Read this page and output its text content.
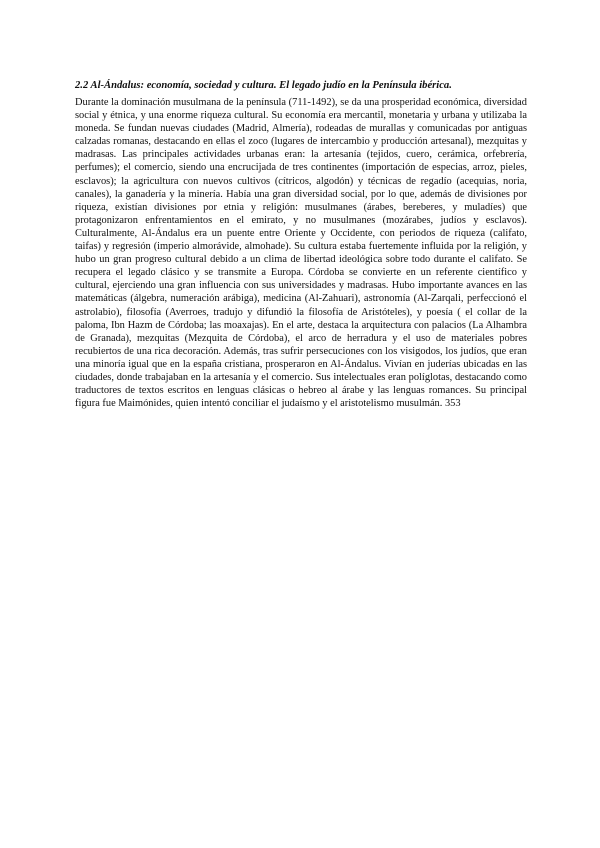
2.2 Al-Ándalus: economía, sociedad y cultura. El legado judío en la Península ibérica.

Durante la dominación musulmana de la península (711-1492), se da una prosperidad económica, diversidad social y étnica, y una enorme riqueza cultural. Su economía era mercantil, monetaria y urbana y utilizaba la moneda. Se fundan nuevas ciudades (Madrid, Almería), rodeadas de murallas y comunicadas por antiguas calzadas romanas, destacando en ellas el zoco (lugares de intercambio y producción artesanal), mezquitas y madrasas. Las principales actividades urbanas eran: la artesanía (tejidos, cuero, cerámica, orfebrería, perfumes); el comercio, siendo una encrucijada de tres continentes (importación de especias, arroz, pieles, esclavos); la agricultura con nuevos cultivos (cítricos, algodón) y técnicas de regadío (acequias, noria, canales), la ganadería y la minería. Había una gran diversidad social, por lo que, además de divisiones por riqueza, existían divisiones por etnia y religión: musulmanes (árabes, bereberes, y muladíes) que protagonizaron enfrentamientos en el emirato, y no musulmanes (mozárabes, judíos y esclavos). Culturalmente, Al-Ándalus era un puente entre Oriente y Occidente, con periodos de riqueza (califato, taifas) y regresión (imperio almorávide, almohade). Su cultura estaba fuertemente influida por la religión, y hubo un gran progreso cultural debido a un clima de libertad ideológica sobre todo durante el califato. Se recupera el legado clásico y se transmite a Europa. Córdoba se convierte en un referente científico y cultural, ejerciendo una gran influencia con sus universidades y madrasas. Hubo importante avances en las matemáticas (álgebra, numeración arábiga), medicina (Al-Zahuari), astronomía (Al-Zarqali, perfeccionó el astrolabio), filosofía (Averroes, tradujo y difundió la filosofía de Aristóteles), y poesía ( el collar de la paloma, Ibn Hazm de Córdoba; las moaxajas). En el arte, destaca la arquitectura con palacios (La Alhambra de Granada), mezquitas (Mezquita de Córdoba), el arco de herradura y el uso de materiales pobres recubiertos de una rica decoración. Además, tras sufrir persecuciones con los visigodos, los judíos, que eran una minoría igual que en la españa cristiana, prosperaron en Al-Ándalus. Vivían en juderías ubicadas en las ciudades, donde trabajaban en la artesanía y el comercio. Sus intelectuales eran políglotas, destacando como traductores de textos escritos en lenguas clásicas o hebreo al árabe y las lenguas romances. Su principal figura fue Maimónides, quien intentó conciliar el judaísmo y el aristotelismo musulmán. 353
